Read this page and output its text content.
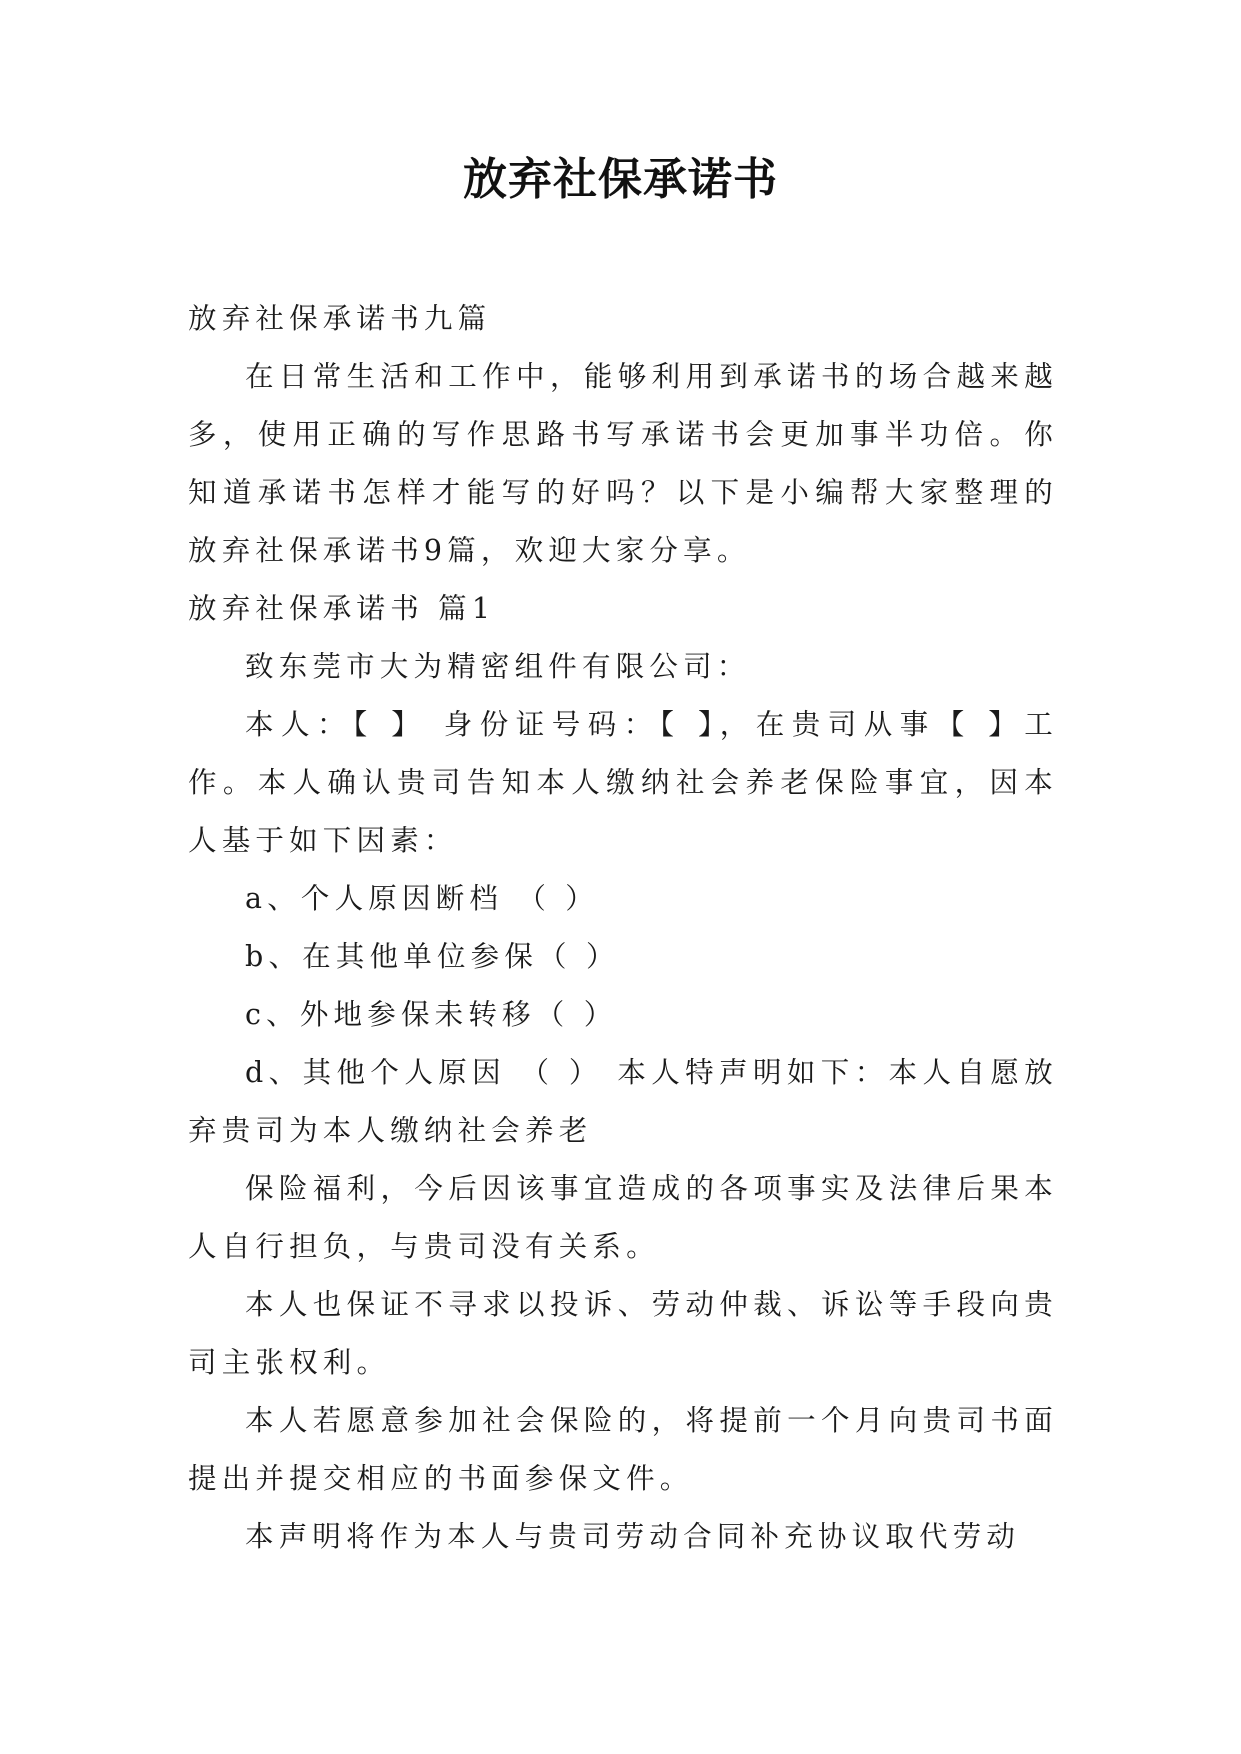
放弃社保承诺书

放弃社保承诺书九篇

在日常生活和工作中，能够利用到承诺书的场合越来越多，使用正确的写作思路书写承诺书会更加事半功倍。你知道承诺书怎样才能写的好吗？以下是小编帮大家整理的放弃社保承诺书9篇，欢迎大家分享。

放弃社保承诺书 篇1

致东莞市大为精密组件有限公司：

本人：【 】 身份证号码：【 】，在贵司从事【 】工作。本人确认贵司告知本人缴纳社会养老保险事宜，因本人基于如下因素：

a、个人原因断档 （ ）

b、在其他单位参保（ ）

c、外地参保未转移（ ）

d、其他个人原因 （ ） 本人特声明如下：本人自愿放弃贵司为本人缴纳社会养老

保险福利，今后因该事宜造成的各项事实及法律后果本人自行担负，与贵司没有关系。

本人也保证不寻求以投诉、劳动仲裁、诉讼等手段向贵司主张权利。

本人若愿意参加社会保险的，将提前一个月向贵司书面提出并提交相应的书面参保文件。

本声明将作为本人与贵司劳动合同补充协议取代劳动
